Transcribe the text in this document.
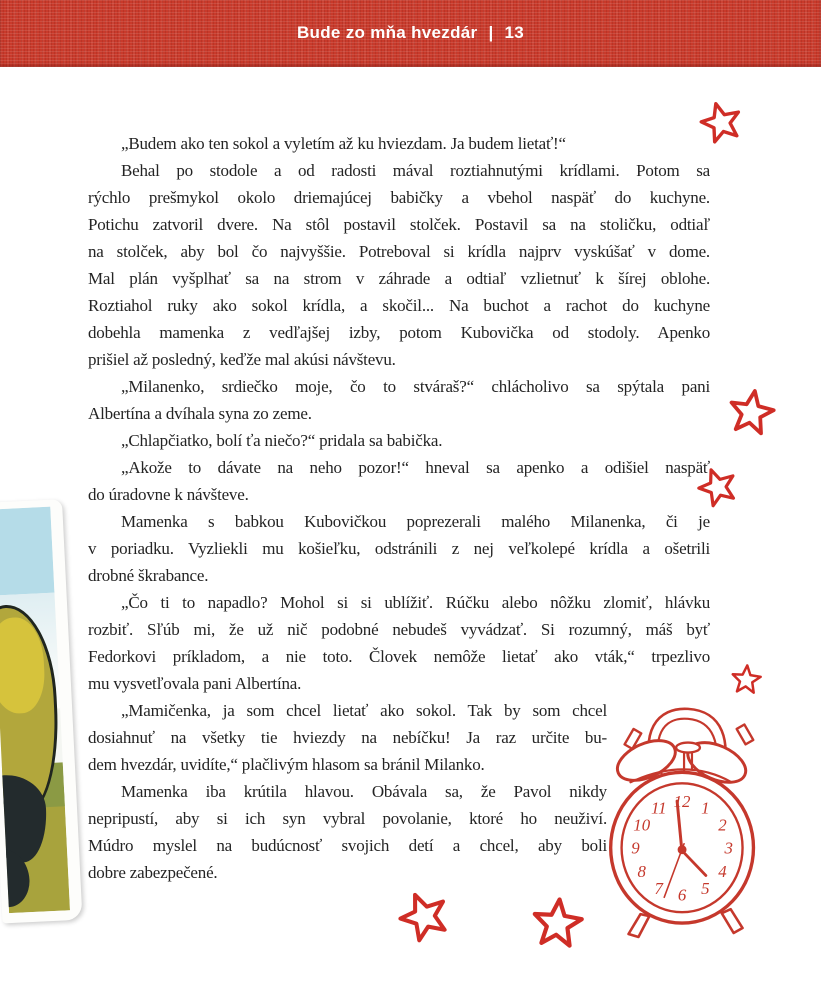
Bude zo mňa hvezdár | 13
„Budem ako ten sokol a vyletím až ku hviezdam. Ja budem lietať!“
Behal po stodole a od radosti mával roztiahnutými krídlami. Potom sa
rýchlo prešmykol okolo driemajúcej babičky a vbehol naspäť do kuchyne.
Potichu zatvoril dvere. Na stôl postavil stolček. Postavil sa na stoličku, odtiaľ
na stolček, aby bol čo najvyššie. Potreboval si krídla najprv vyskúšať v dome.
Mal plán vyšplhať sa na strom v záhrade a odtiaľ vzlietnuť k šírej oblohe.
Roztiahol ruky ako sokol krídla, a skočil... Na buchot a rachot do kuchyne
dobehla mamenka z vedľajšej izby, potom Kubovička od stodoly. Apenko
prišiel až posledný, keďže mal akúsi návštevu.
„Milanenko, srdiečko moje, čo to stváraš?“ chlácholivo sa spýtala pani
Albertína a dvíhala syna zo zeme.
„Chlapčiatko, bolí ťa niečo?“ pridala sa babička.
„Akože to dávate na neho pozor!“ hneval sa apenko a odišiel naspäť
do úradovne k návšteve.
Mamenka s babkou Kubovičkou poprezerali malého Milanenka, či je
v poriadku. Vyzliekli mu košieľku, odstránili z nej veľkolepé krídla a ošetrili
drobné škrabance.
„Čo ti to napadlo? Mohol si si ublížiť. Rúčku alebo nôžku zlomiť, hlávku
rozbiť. Sľúb mi, že už nič podobné nebudeš vyvádzať. Si rozumný, máš byť
Fedorkovi príkladom, a nie toto. Človek nemôže lietať ako vták,“ trpezlivo
mu vysvetľovala pani Albertína.
„Mamičenka, ja som chcel lietať ako sokol. Tak by som chcel
dosiahnuť na všetky tie hviezdy na nebíčku! Ja raz určite bu-
dem hvezdár, uvidíte,“ plačlivým hlasom sa bránil Milanko.
Mamenka iba krútila hlavou. Obávala sa, že Pavol nikdy
nepripustí, aby si ich syn vybral povolanie, ktoré ho neuživí.
Múdro myslel na budúcnosť svojich detí a chcel, aby boli
dobre zabezpečené.
12 1
2
3
4
5
6
7
8
9
10
11
